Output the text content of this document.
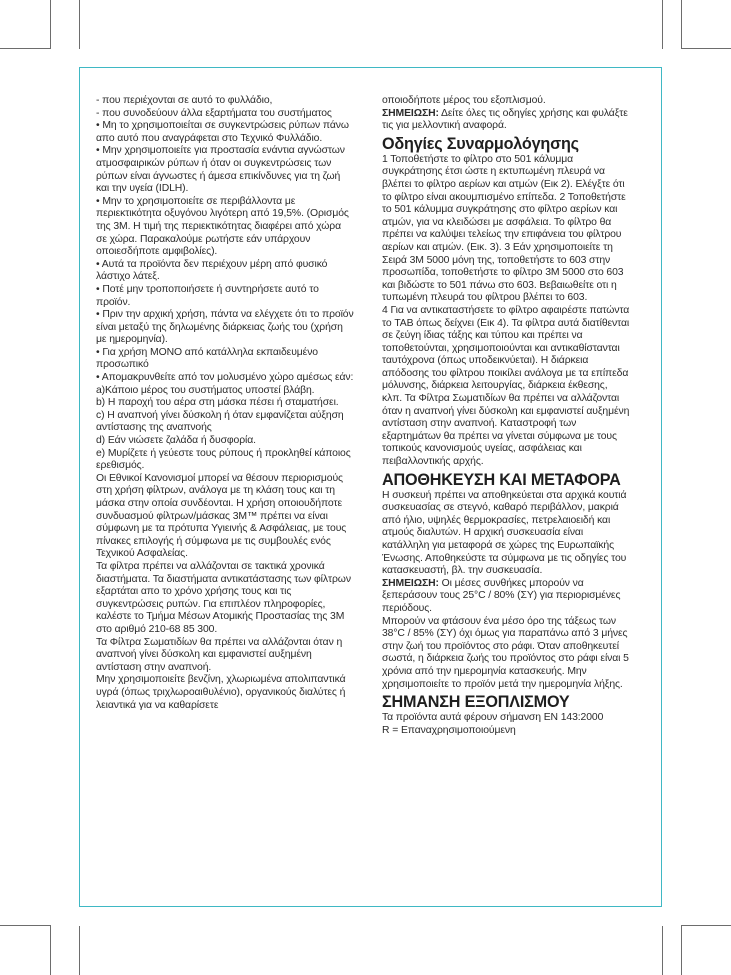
- που περιέχονται σε αυτό το φυλλάδιο,

- που συνοδεύουν άλλα εξαρτήματα του συστήματος

• Μη το χρησιμοποιείται σε συγκεντρώσεις ρύπων πάνω απο αυτό που αναγράφεται στο Τεχνικό Φυλλάδιο.

• Μην χρησιμοποιείτε για προστασία ενάντια αγνώστων ατμοσφαιρικών ρύπων ή όταν οι συγκεντρώσεις των ρύπων είναι άγνωστες ή άμεσα επικίνδυνες για τη ζωή και την υγεία (IDLH).

• Μην το χρησιμοποιείτε σε περιβάλλοντα με περιεκτικότητα οξυγόνου λιγότερη από 19,5%. (Ορισμός της 3M. Η τιμή της περιεκτικότητας διαφέρει από χώρα σε χώρα. Παρακαλούμε ρωτήστε εάν υπάρχουν οποιεσδήποτε αμφιβολίες).

• Αυτά τα προϊόντα δεν περιέχουν μέρη από φυσικό λάστιχο λάτεξ.

• Ποτέ μην τροποποιήσετε ή συντηρήσετε αυτό το προϊόν.

• Πριν την αρχική χρήση, πάντα να ελέγχετε ότι το προϊόν είναι μεταξύ της δηλωμένης διάρκειας ζωής του (χρήση με ημερομηνία).

• Για χρήση ΜΟΝΟ από κατάλληλα εκπαιδευμένο προσωπικό

• Απομακρυνθείτε από τον μολυσμένο χώρο αμέσως εάν:

a)Κάποιο μέρος του συστήματος υποστεί βλάβη.

b) Η παροχή του αέρα στη μάσκα πέσει ή σταματήσει.

c) Η αναπνοή γίνει δύσκολη ή όταν εμφανίζεται αύξηση αντίστασης της αναπνοής

d) Εάν νιώσετε ζαλάδα ή δυσφορία.

e) Μυρίζετε ή γεύεστε τους ρύπους ή προκληθεί κάποιος ερεθισμός.

Οι Εθνικοί Κανονισμοί μπορεί να θέσουν περιορισμούς στη χρήση φίλτρων, ανάλογα με τη κλάση τους και τη μάσκα στην οποία συνδέονται. Η χρήση οποιουδήποτε συνδυασμού φίλτρων/μάσκας 3M™ πρέπει να είναι σύμφωνη με τα πρότυπα Υγιεινής & Ασφάλειας, με τους πίνακες επιλογής ή σύμφωνα με τις συμβουλές ενός Τεχνικού Ασφαλείας.

Τα φίλτρα πρέπει να αλλάζονται σε τακτικά χρονικά διαστήματα. Τα διαστήματα αντικατάστασης των φίλτρων εξαρτάται απο το χρόνο χρήσης τους και τις συγκεντρώσεις ρυπών. Για επιπλέον πληροφορίες, καλέστε το Τμήμα Μέσων Ατομικής Προστασίας της 3M στο αριθμό 210-68 85 300.

Τα Φίλτρα Σωματιδίων θα πρέπει να αλλάζονται όταν η αναπνοή γίνει δύσκολη και εμφανιστεί αυξημένη αντίσταση στην αναπνοή.

Μην χρησιμοποιείτε βενζίνη, χλωριωμένα απολιπαντικά υγρά (όπως τριχλωροαιθυλένιο), οργανικούς διαλύτες ή λειαντικά για να καθαρίσετε

οποιοδήποτε μέρος του εξοπλισμού.

ΣΗΜΕΙΩΣΗ: Δείτε όλες τις οδηγίες χρήσης και φυλάξτε τις για μελλοντική αναφορά.

Οδηγίες Συναρμολόγησης

1 Τοποθετήστε το φίλτρο στο 501 κάλυμμα συγκράτησης έτσι ώστε η εκτυπωμένη πλευρά να βλέπει το φίλτρο αερίων και ατμών (Εικ 2). Ελέγξτε ότι το φίλτρο είναι ακουμπισμένο επίπεδα. 2 Τοποθετήστε το 501 κάλυμμα συγκράτησης στο φίλτρο αερίων και ατμών, για να κλειδώσει με ασφάλεια. Το φίλτρο θα πρέπει να καλύψει τελείως την επιφάνεια του φίλτρου αερίων και ατμών. (Εικ. 3). 3 Εάν χρησιμοποιείτε τη Σειρά 3M 5000 μόνη της, τοποθετήστε το 603 στην προσωπίδα, τοποθετήστε το φίλτρο 3M 5000 στο 603 και βιδώστε το 501 πάνω στο 603. Βεβαιωθείτε οτι η τυπωμένη πλευρά του φίλτρου βλέπει το 603.

4 Για να αντικαταστήσετε το φίλτρο αφαιρέστε πατώντα το TAB όπως δείχνει (Εικ 4). Τα φίλτρα αυτά διατίθενται σε ζεύγη ίδιας τάξης και τύπου και πρέπει να τοποθετούνται, χρησιμοποιούνται και αντικαθίστανται ταυτόχρονα (όπως υποδεικνύεται). Η διάρκεια απόδοσης του φίλτρου ποικίλει ανάλογα με τα επίπεδα μόλυνσης, διάρκεια λειτουργίας, διάρκεια έκθεσης, κλπ. Τα Φίλτρα Σωματιδίων θα πρέπει να αλλάζονται όταν η αναπνοή γίνει δύσκολη και εμφανιστεί αυξημένη αντίσταση στην αναπνοή. Καταστροφή των εξαρτημάτων θα πρέπει να γίνεται σύμφωνα με τους τοπικούς κανονισμούς υγείας, ασφάλειας και πειβαλλοντικής αρχής.

ΑΠΟΘΗΚΕΥΣΗ ΚΑΙ ΜΕΤΑΦΟΡΑ

Η συσκευή πρέπει να αποθηκεύεται στα αρχικά κουτιά συσκευασίας σε στεγνό, καθαρό περιβάλλον, μακριά από ήλιο, υψηλές θερμοκρασίες, πετρελαιοειδή και ατμούς διαλυτών. Η αρχική συσκευασία είναι κατάλληλη για μεταφορά σε χώρες της Ευρωπαϊκής Ένωσης. Αποθηκεύστε τα σύμφωνα με τις οδηγίες του κατασκευαστή, βλ. την συσκευασία.

ΣΗΜΕΙΩΣΗ: Οι μέσες συνθήκες μπορούν να ξεπεράσουν τους 25°C / 80% (ΣΥ) για περιορισμένες περιόδους.

Μπορούν να φτάσουν ένα μέσο όρο της τάξεως των 38°C / 85% (ΣΥ) όχι όμως για παραπάνω από 3 μήνες στην ζωή του προϊόντος στο ράφι. Όταν αποθηκευτεί σωστά, η διάρκεια ζωής του προϊόντος στο ράφι είναι 5 χρόνια από την ημερομηνία κατασκευής. Μην χρησιμοποιείτε το προϊόν μετά την ημερομηνία λήξης.

ΣΗΜΑΝΣΗ ΕΞΟΠΛΙΣΜΟΥ

Τα προϊόντα αυτά φέρουν σήμανση EN 143:2000

R = Επαναχρησιμοποιούμενη
